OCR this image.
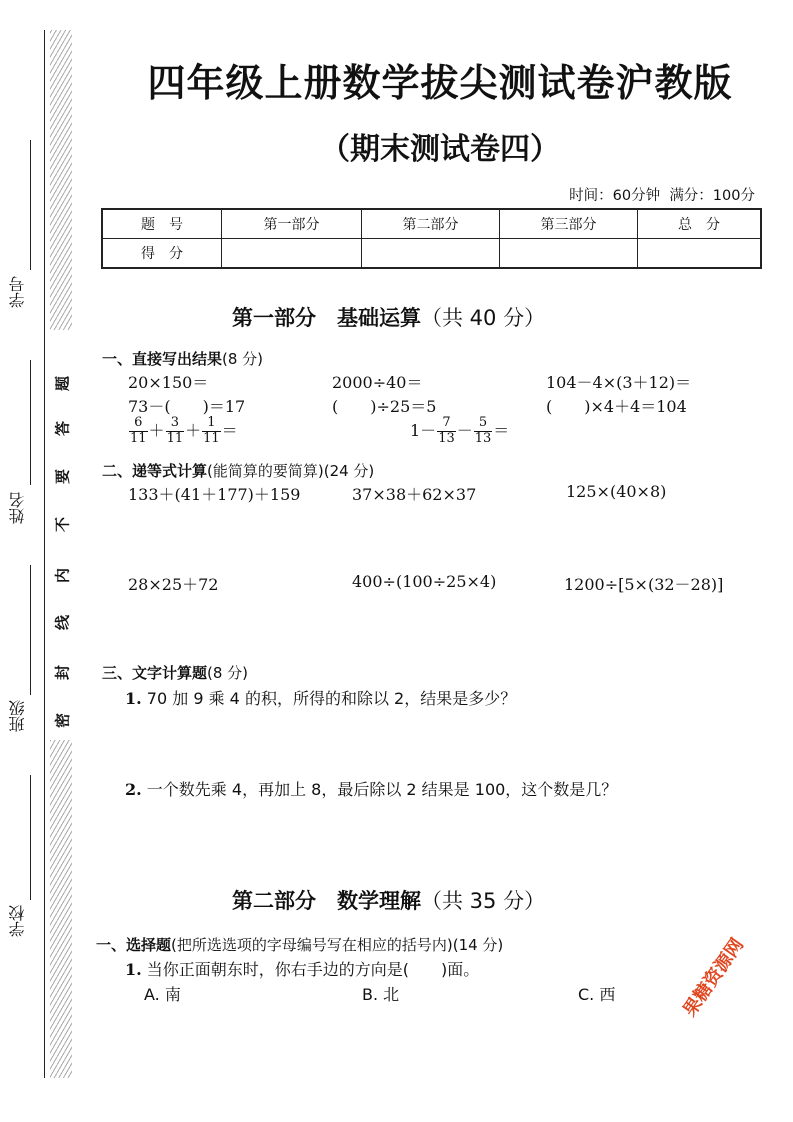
学号
姓名
班级
学校
题
答
要
不
内
线
封
密
四年级上册数学拔尖测试卷沪教版
（期末测试卷四）
时间：60分钟 满分：100分
题　号	第一部分	第二部分	第三部分	总　分
得　分				
第一部分　基础运算（共 40 分）
一、直接写出结果(8 分)
20×150＝	2000÷40＝	104－4×(3＋12)＝
73－(　　)＝17	(　　)÷25＝5	(　　)×4＋4＝104
$\frac{6}{11} + \frac{3}{11} + \frac{1}{11}$ ＝	$1- \frac{7}{13} - \frac{5}{13}$ ＝
二、递等式计算(能简算的要简算)(24 分)
133＋(41＋177)＋159	37×38＋62×37	125×(40×8)
28×25＋72	400÷(100÷25×4)	1200÷[5×(32－28)]
三、文字计算题(8 分)
1. 70 加 9 乘 4 的积，所得的和除以 2，结果是多少？
2. 一个数先乘 4，再加上 8，最后除以 2 结果是 100，这个数是几？
第二部分　数学理解（共 35 分）
一、选择题(把所选选项的字母编号写在相应的括号内)(14 分)
1. 当你正面朝东时，你右手边的方向是(　　)面。
A. 南	B. 北	C. 西	果糖资源网
